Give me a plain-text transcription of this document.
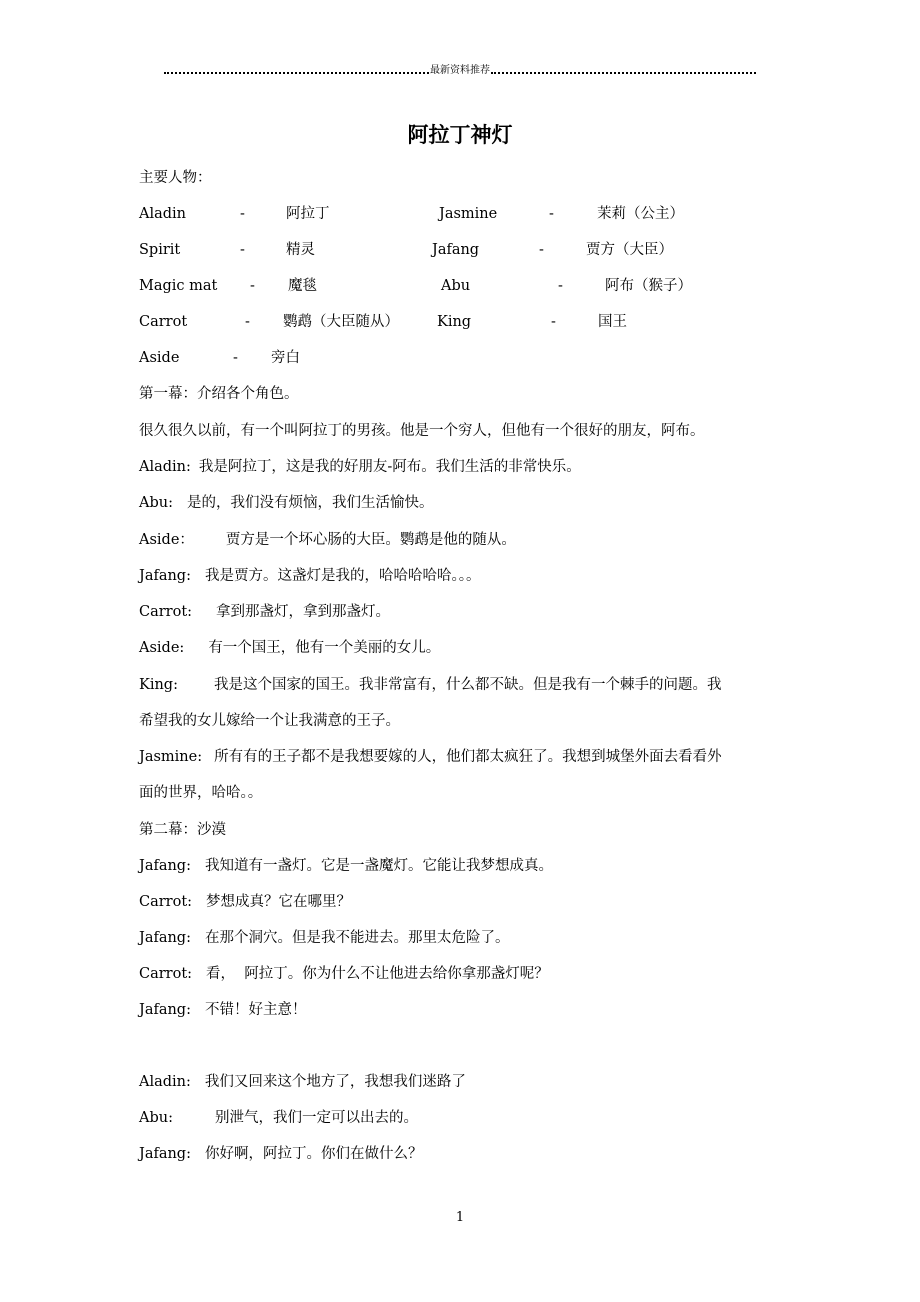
最新资料推荐
阿拉丁神灯
主要人物：
Aladin	-	阿拉丁	Jasmine	-	茉莉（公主）
Spirit	-	精灵	Jafang	-	贾方（大臣）
Magic mat - 魔毯	Abu	-	阿布（猴子）
Carrot	- 鹦鹉（大臣随从）	King	-	国王
Aside	- 旁白
第一幕：介绍各个角色。
很久很久以前，有一个叫阿拉丁的男孩。他是一个穷人，但他有一个很好的朋友，阿布。
Aladin: 我是阿拉丁，这是我的好朋友-阿布。我们生活的非常快乐。
Abu: 是的，我们没有烦恼，我们生活愉快。
Aside： 贾方是一个坏心肠的大臣。鹦鹉是他的随从。
Jafang: 我是贾方。这盏灯是我的，哈哈哈哈哈。。。
Carrot: 拿到那盏灯，拿到那盏灯。
Aside: 有一个国王，他有一个美丽的女儿。
King: 我是这个国家的国王。我非常富有，什么都不缺。但是我有一个棘手的问题。我
希望我的女儿嫁给一个让我满意的王子。
Jasmine: 所有有的王子都不是我想要嫁的人，他们都太疯狂了。我想到城堡外面去看看外
面的世界，哈哈。。
第二幕：沙漠
Jafang: 我知道有一盏灯。它是一盏魔灯。它能让我梦想成真。
Carrot: 梦想成真？它在哪里？
Jafang: 在那个洞穴。但是我不能进去。那里太危险了。
Carrot: 看，  阿拉丁。你为什么不让他进去给你拿那盏灯呢？
Jafang: 不错！好主意！
Aladin: 我们又回来这个地方了，我想我们迷路了
Abu:	别泄气，我们一定可以出去的。
Jafang: 你好啊，阿拉丁。你们在做什么？
1
